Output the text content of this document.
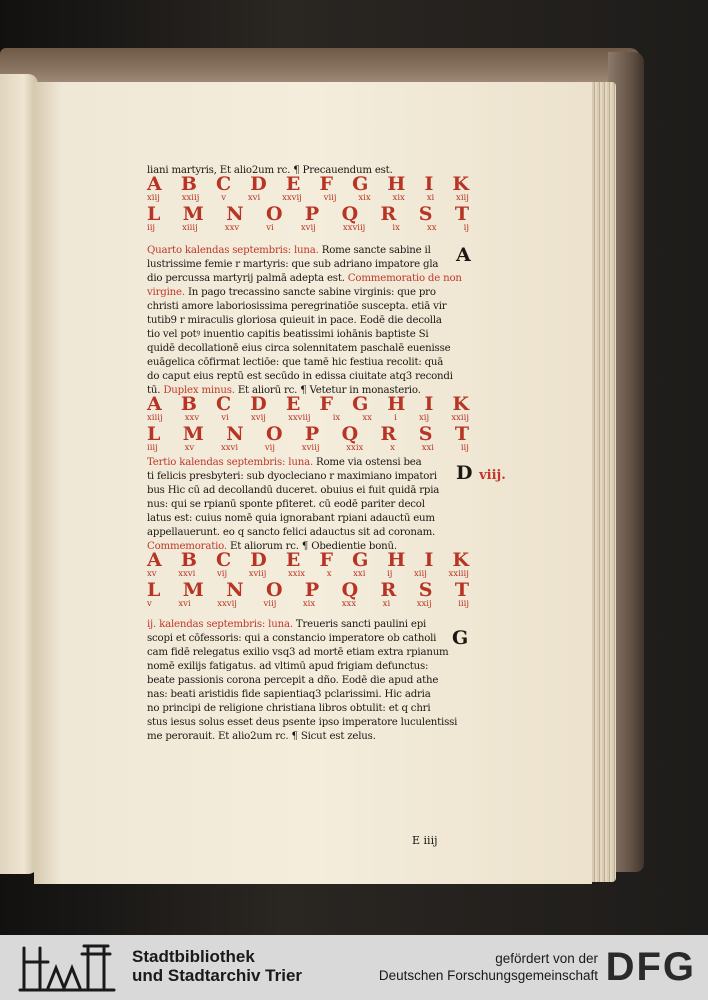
liani martyris, Et alio2um rc. ¶ Precauendum est.
A B C D E F G H I K
xiij	xxiij	v	xvi	xxvij	viij	xix	xix	xi	xiij
L M N O P Q R S T
iij	xiiij	xxv	vi	xvij	xxviij	ix	xx	ij
Quarto kalendas septembris: luna. Rome sancte sabine il
lustrissime femie r martyris: que sub adriano impatore gla
dio percussa martyrij palmā adepta est. Commemoratio de non
virgine. In pago trecassino sancte sabine virginis: que pro
christi amore laboriosissima peregrinatiōe suscepta. etiā vir
tutib9 r miraculis gloriosa quieuit in pace. Eodē die decolla
tio vel potꝰ inuentio capitis beatissimi iohānis baptiste Si
quidē decollationē eius circa solennitatem paschalē euenisse
euāgelica cōfirmat lectiōe: que tamē hic festiua recolit: quā
do caput eius reptū est secūdo in edissa ciuitate atq3 recondi
tū. Duplex minus. Et aliorū rc. ¶ Vetetur in monasterio.
A B C D E F G H I K
xiiij	xxv	vi	xvij	xxviij	ix	xx	i	xij	xxiij
L M N O P Q R S T
iiij	xv	xxvi	vij	xviij	xxix	x	xxi	iij
Tertio kalendas septembris: luna. Rome via ostensi bea
ti felicis presbyteri: sub dyocleciano r maximiano impatori
bus Hic cū ad decollandū duceret. obuius ei fuit quidā rpia
nus: qui se rpianū sponte pfiteret. cū eodē pariter decol
latus est: cuius nomē quia ignorabant rpiani adauctū eum
appellauerunt. eo q sancto felici adauctus sit ad coronam.
Commemoratio. Et aliorum rc. ¶ Obedientie bonū.
A B C D E F G H I K
xv	xxvi	vij	xviij	xxix	x	xxi	ij	xiij	xxiiij
L M N O P Q R S T
v	xvi	xxvij	viij	xix	xxx	xi	xxij	iiij
ij. kalendas septembris: luna. Treueris sancti paulini epi
scopi et cōfessoris: qui a constancio imperatore ob catholi
cam fidē relegatus exilio vsq3 ad mortē etiam extra rpianum
nomē exilijs fatigatus. ad vltimū apud frigiam defunctus:
beate passionis corona percepit a dño. Eodē die apud athe
nas: beati aristidis fide sapientiaq3 pclarissimi. Hic adria
no principi de religione christiana libros obtulit: et q chri
stus iesus solus esset deus psente ipso imperatore luculentissi
me perorauit. Et alio2um rc. ¶ Sicut est zelus.
A
D viij.
G
E iiij
Stadtbibliothek
und Stadtarchiv Trier
gefördert von der
Deutschen Forschungsgemeinschaft DFG
